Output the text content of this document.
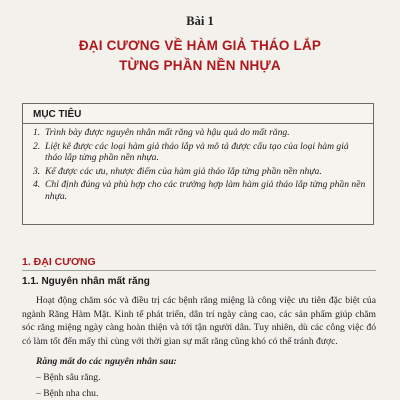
Bài 1
ĐẠI CƯƠNG VỀ HÀM GIẢ THÁO LẮP
TỪNG PHẦN NỀN NHỰA
MỤC TIÊU
1. Trình bày được nguyên nhân mất răng và hậu quả do mất răng.
2. Liệt kê được các loại hàm giả tháo lắp và mô tả được cấu tạo của loại hàm giả tháo lắp từng phần nền nhựa.
3. Kể được các ưu, nhược điểm của hàm giả tháo lắp từng phần nền nhựa.
4. Chỉ định đúng và phù hợp cho các trường hợp làm hàm giả tháo lắp từng phần nền nhựa.
1. ĐẠI CƯƠNG
1.1. Nguyên nhân mất răng
Hoạt động chăm sóc và điều trị các bệnh răng miệng là công việc ưu tiên đặc biệt của ngành Răng Hàm Mặt. Kinh tế phát triển, dân trí ngày càng cao, các sản phẩm giúp chăm sóc răng miệng ngày càng hoàn thiện và tới tận người dân. Tuy nhiên, dù các công việc đó có làm tốt đến mấy thì cùng với thời gian sự mất răng cũng khó có thể tránh được.
Răng mất do các nguyên nhân sau:
– Bệnh sâu răng.
– Bệnh nha chu.
